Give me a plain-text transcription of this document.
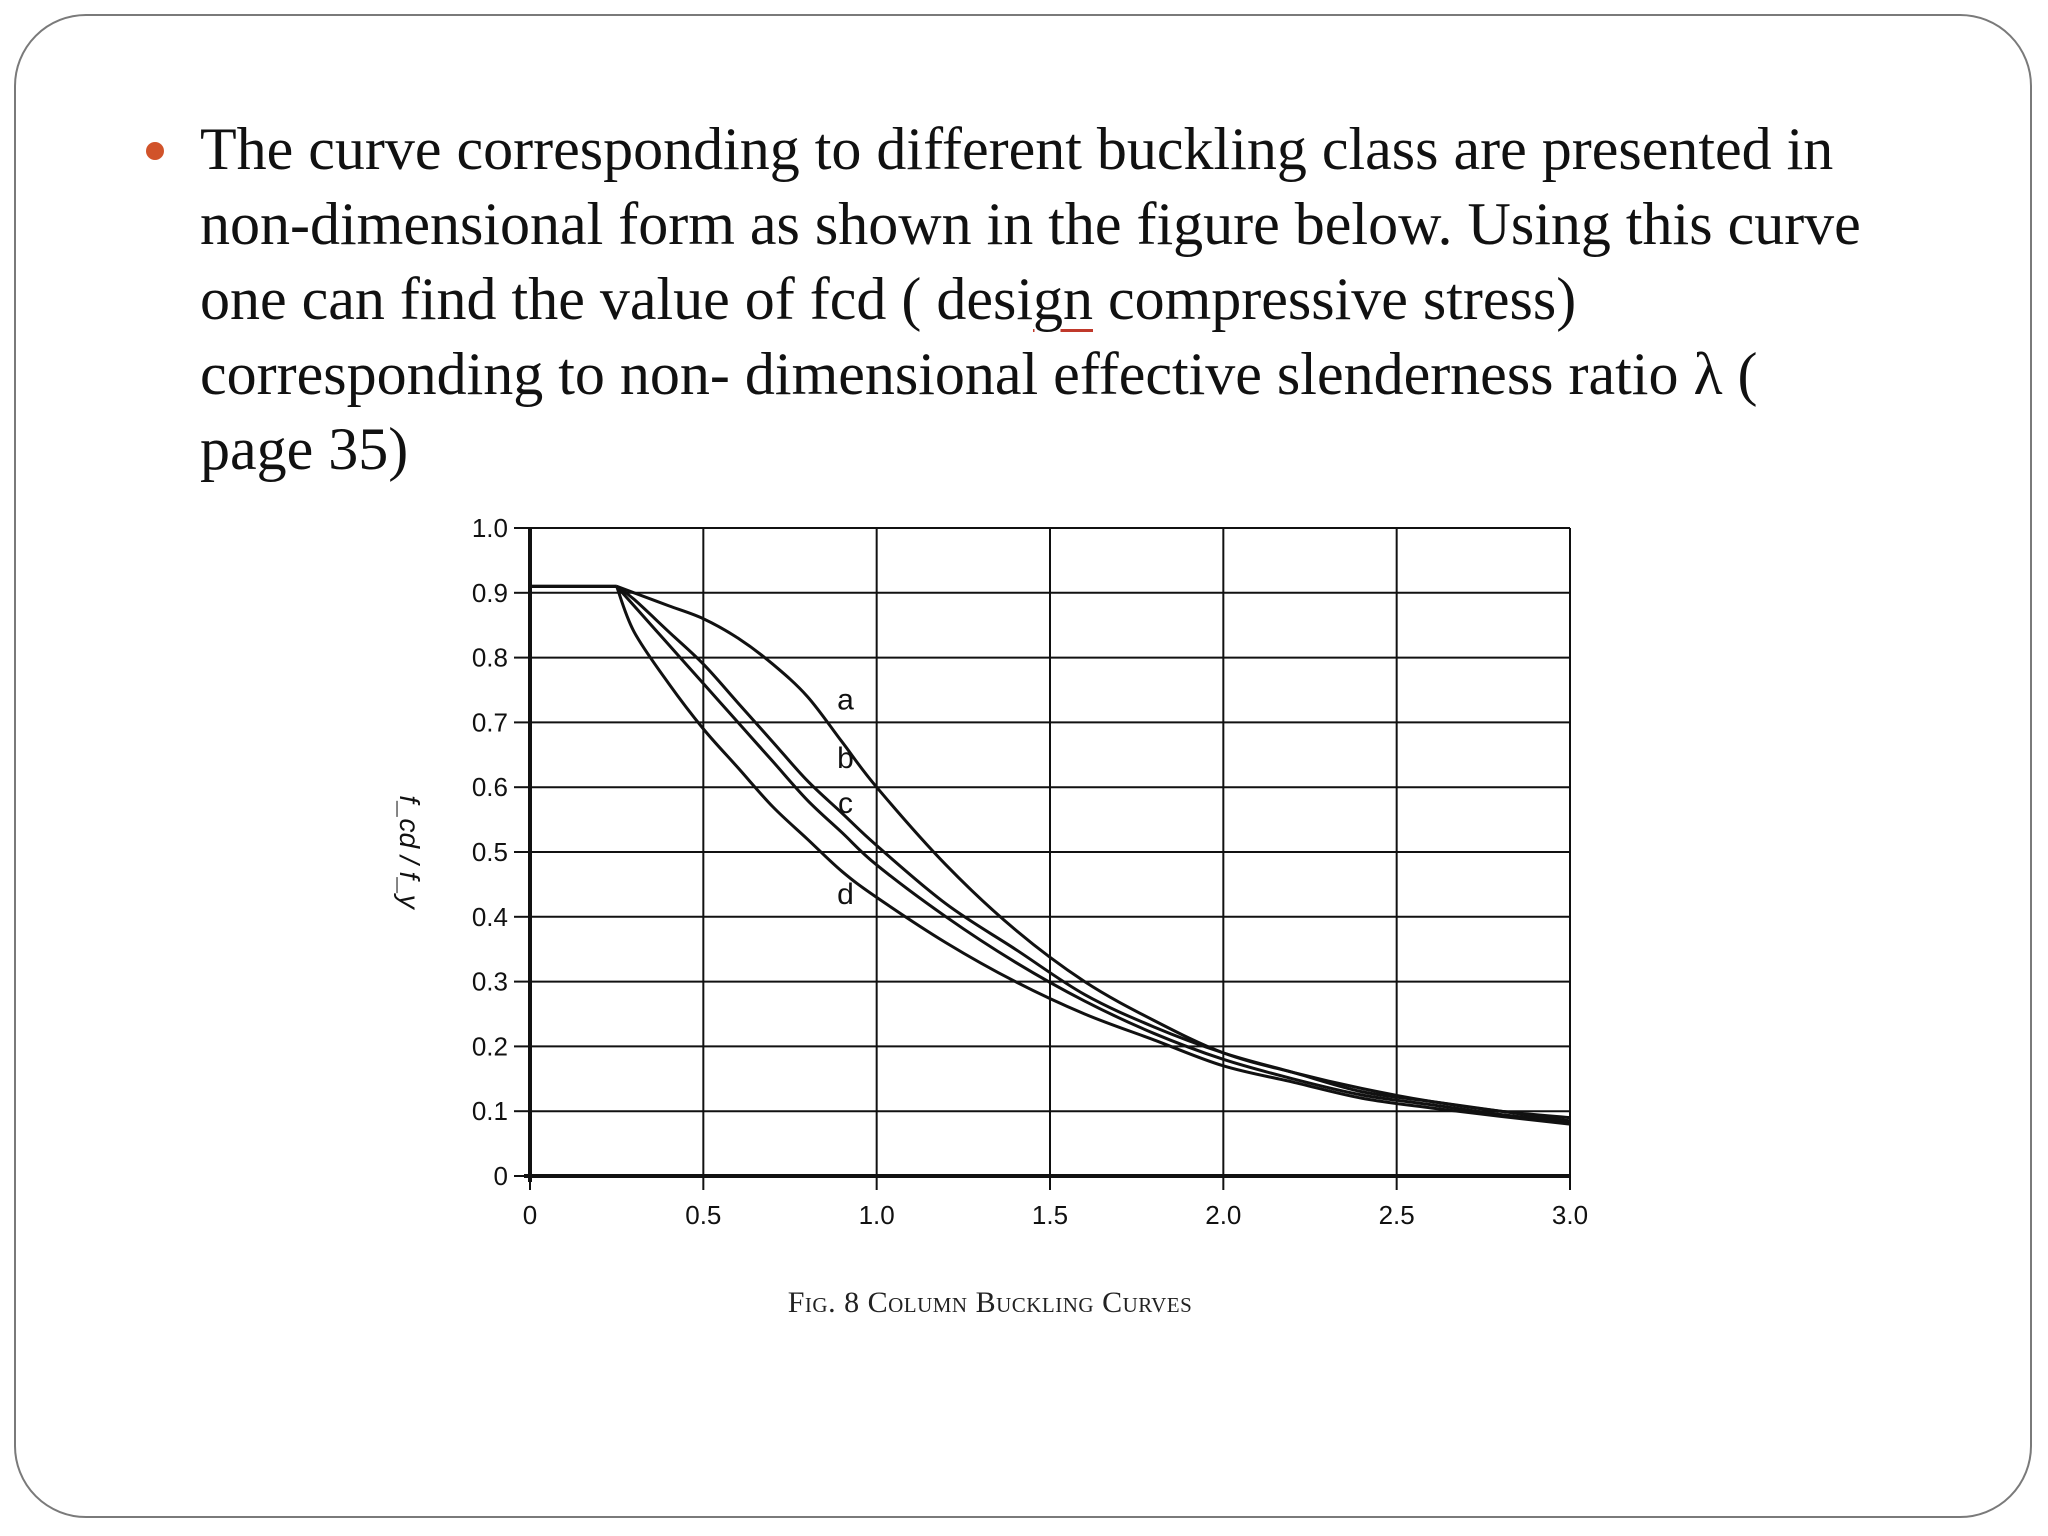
The curve corresponding to different buckling class are presented in
non-dimensional form as shown in the figure below. Using this curve
one can find the value of fcd ( design compressive stress)
corresponding to non- dimensional effective slenderness ratio λ (
page 35)
0
0.1
0.2
0.3
0.4
0.5
0.6
0.7
0.8
0.9
1.0
0	0.5	1.0	1.5	2.0	2.5	3.0
a
b
c
d
f_cd / f_y
Fig. 8 Column Buckling Curves
